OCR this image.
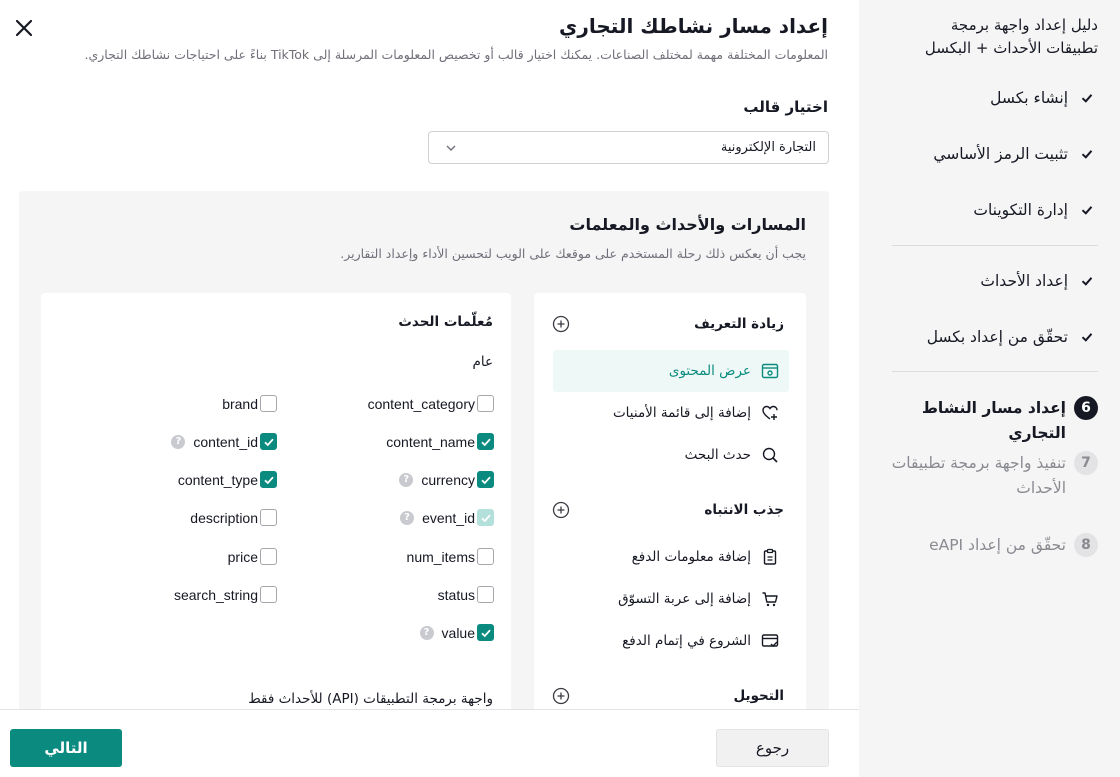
إعداد مسار نشاطك التجاري
المعلومات المختلفة مهمة لمختلف الصناعات. يمكنك اختيار قالب أو تخصيص المعلومات المرسلة إلى TikTok بناءً على احتياجات نشاطك التجاري.
اختيار قالب
التجارة الإلكترونية
المسارات والأحداث والمعلمات
يجب أن يعكس ذلك رحلة المستخدم على موقعك على الويب لتحسين الأداء وإعداد التقارير.
زيادة التعريف
عرض المحتوى
إضافة إلى قائمة الأمنيات
حدث البحث
جذب الانتباه
إضافة معلومات الدفع
إضافة إلى عربة التسوّق
الشروع في إتمام الدفع
التحويل
مُعلّمات الحدث
عام
content_category
brand
content_name
? content_id
? currency
content_type
? event_id
description
num_items
price
status
search_string
? value
واجهة برمجة التطبيقات (API) للأحداث فقط
التالي	رجوع
دليل إعداد واجهة برمجة تطبيقات الأحداث + البكسل
إنشاء بكسل
تثبيت الرمز الأساسي
إدارة التكوينات
إعداد الأحداث
تحقّق من إعداد بكسل
6
إعداد مسار النشاط التجاري
7
تنفيذ واجهة برمجة تطبيقات الأحداث
8
تحقّق من إعداد eAPI
